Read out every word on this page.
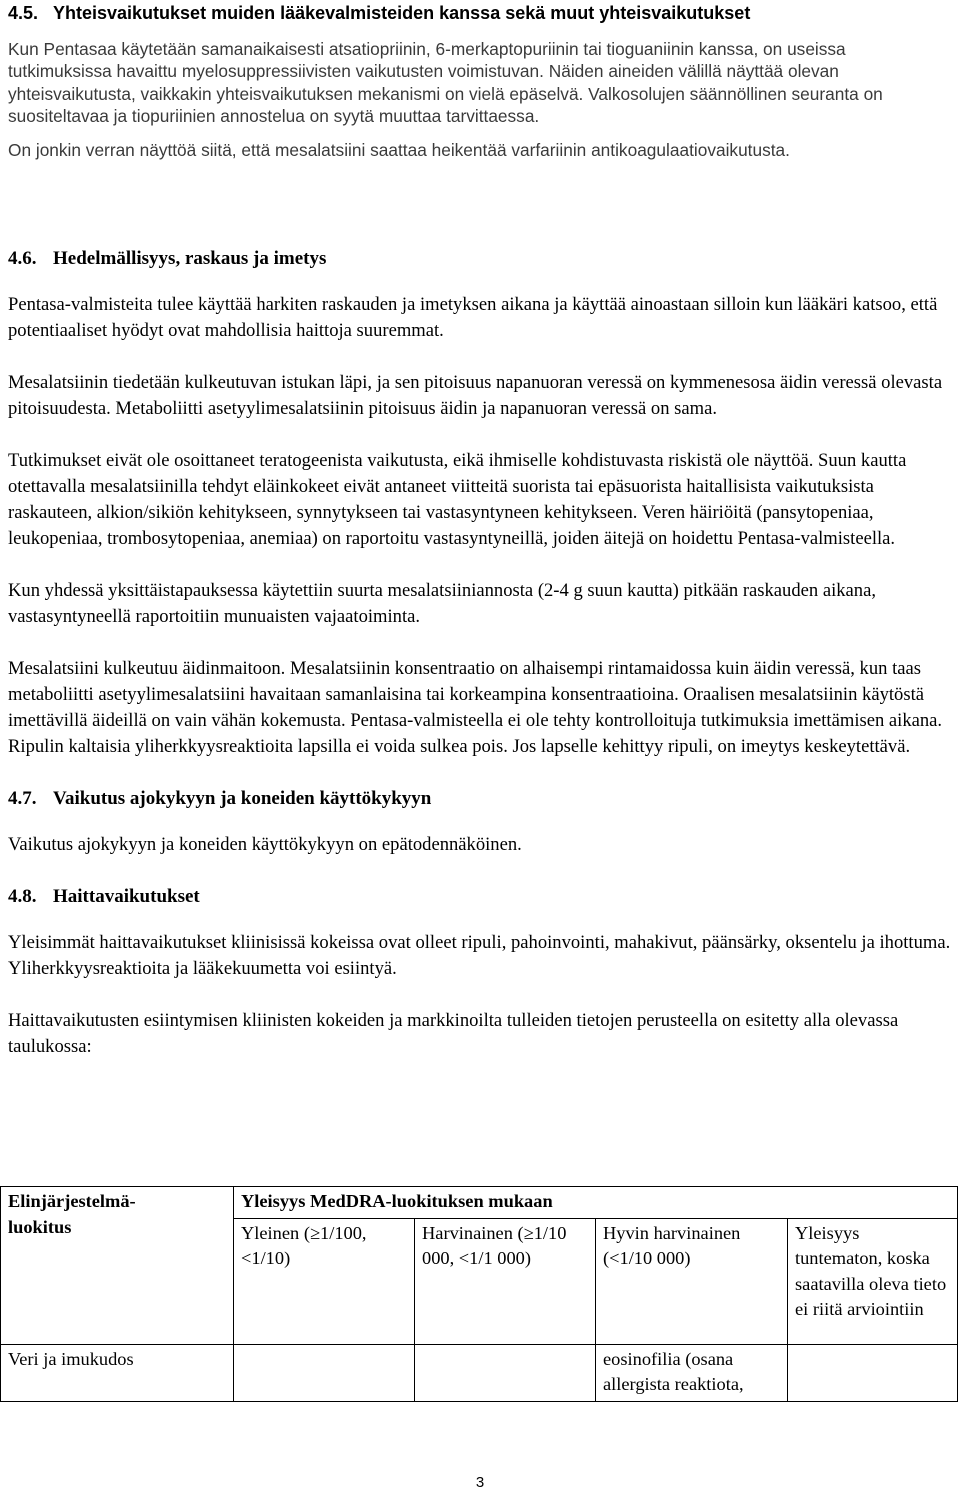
4.5. Yhteisvaikutukset muiden lääkevalmisteiden kanssa sekä muut yhteisvaikutukset

Kun Pentasaa käytetään samanaikaisesti atsatiopriinin, 6-merkaptopuriinin tai tioguaniinin kanssa, on useissa tutkimuksissa havaittu myelosuppressiivisten vaikutusten voimistuvan. Näiden aineiden välillä näyttää olevan yhteisvaikutusta, vaikkakin yhteisvaikutuksen mekanismi on vielä epäselvä. Valkosolujen säännöllinen seuranta on suositeltavaa ja tiopuriinien annostelua on syytä muuttaa tarvittaessa.

On jonkin verran näyttöä siitä, että mesalatsiini saattaa heikentää varfariinin antikoagulaatiovaikutusta.

4.6. Hedelmällisyys, raskaus ja imetys

Pentasa-valmisteita tulee käyttää harkiten raskauden ja imetyksen aikana ja käyttää ainoastaan silloin kun lääkäri katsoo, että potentiaaliset hyödyt ovat mahdollisia haittoja suuremmat.

Mesalatsiinin tiedetään kulkeutuvan istukan läpi, ja sen pitoisuus napanuoran veressä on kymmenesosa äidin veressä olevasta pitoisuudesta. Metaboliitti asetyylimesalatsiinin pitoisuus äidin ja napanuoran veressä on sama.

Tutkimukset eivät ole osoittaneet teratogeenista vaikutusta, eikä ihmiselle kohdistuvasta riskistä ole näyttöä. Suun kautta otettavalla mesalatsiinilla tehdyt eläinkokeet eivät antaneet viitteitä suorista tai epäsuorista haitallisista vaikutuksista raskauteen, alkion/sikiön kehitykseen, synnytykseen tai vastasyntyneen kehitykseen. Veren häiriöitä (pansytopeniaa, leukopeniaa, trombosytopeniaa, anemiaa) on raportoitu vastasyntyneillä, joiden äitejä on hoidettu Pentasa-valmisteella.

Kun yhdessä yksittäistapauksessa käytettiin suurta mesalatsiiniannosta (2-4 g suun kautta) pitkään raskauden aikana, vastasyntyneellä raportoitiin munuaisten vajaatoiminta.

Mesalatsiini kulkeutuu äidinmaitoon. Mesalatsiinin konsentraatio on alhaisempi rintamaidossa kuin äidin veressä, kun taas metaboliitti asetyylimesalatsiini havaitaan samanlaisina tai korkeampina konsentraatioina. Oraalisen mesalatsiinin käytöstä imettävillä äideillä on vain vähän kokemusta. Pentasa-valmisteella ei ole tehty kontrolloituja tutkimuksia imettämisen aikana. Ripulin kaltaisia yliherkkyysreaktioita lapsilla ei voida sulkea pois. Jos lapselle kehittyy ripuli, on imeytys keskeytettävä.

4.7. Vaikutus ajokykyyn ja koneiden käyttökykyyn

Vaikutus ajokykyyn ja koneiden käyttökykyyn on epätodennäköinen.

4.8. Haittavaikutukset

Yleisimmät haittavaikutukset kliinisissä kokeissa ovat olleet ripuli, pahoinvointi, mahakivut, päänsärky, oksentelu ja ihottuma.

Yliherkkyysreaktioita ja lääkekuumetta voi esiintyä.

Haittavaikutusten esiintymisen kliinisten kokeiden ja markkinoilta tulleiden tietojen perusteella on esitetty alla olevassa taulukossa:

Elinjärjestelmä-
luokitus	Yleisyys MedDRA-luokituksen mukaan			
	Yleinen (≥1/100, <1/10)	Harvinainen (≥1/10 000, <1/1 000)	Hyvin harvinainen (<1/10 000)	Yleisyys tuntematon, koska saatavilla oleva tieto ei riitä arviointiin
Veri ja imukudos			eosinofilia (osana allergista reaktiota,	
3
